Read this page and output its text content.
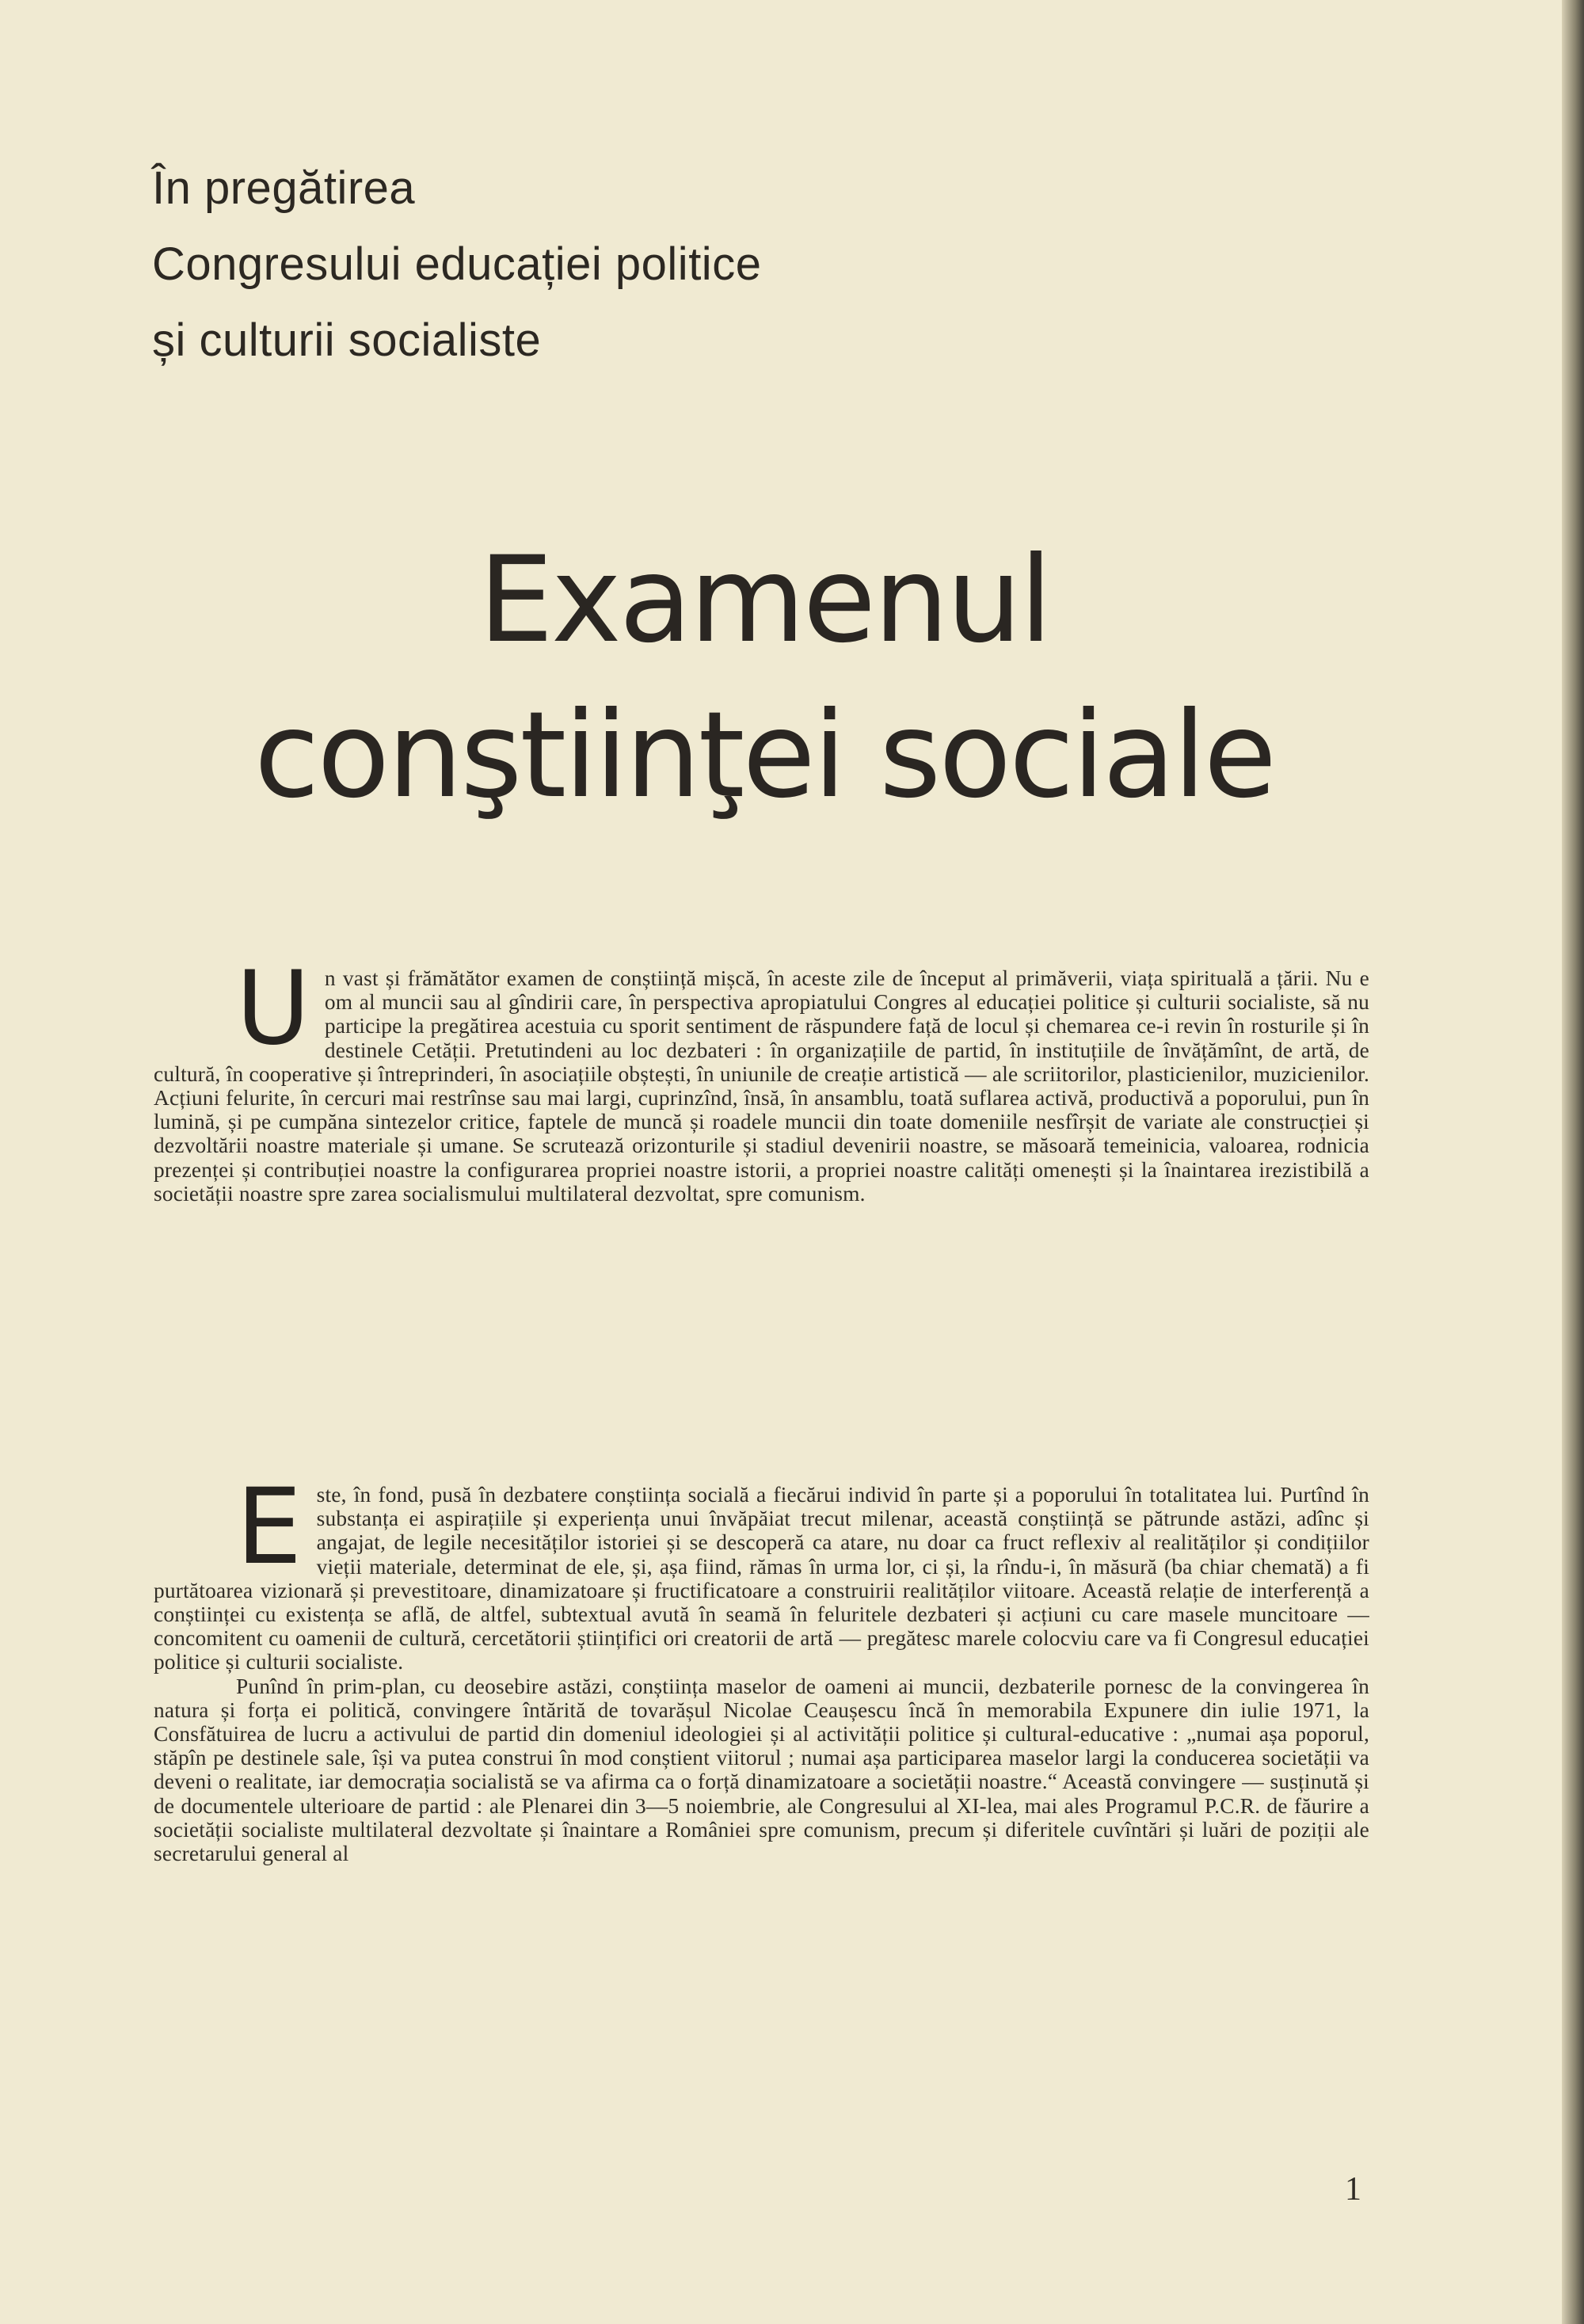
În pregătirea
Congresului educației politice
și culturii socialiste
Examenul
conştiinţei sociale
U n vast și frămătător examen de conștiință mișcă, în aceste zile de început al primăverii, viața spirituală a țării. Nu e om al muncii sau al gîndirii care, în perspectiva apropiatului Congres al educației politice și culturii socialiste, să nu participe la pregătirea acestuia cu sporit sentiment de răspundere față de locul și chemarea ce-i revin în rosturile și în destinele Cetății. Pretutindeni au loc dezbateri : în organizațiile de partid, în instituțiile de învățămînt, de artă, de cultură, în cooperative și întreprinderi, în asociațiile obștești, în uniunile de creație artistică — ale scriitorilor, plasticienilor, muzicienilor. Acțiuni felurite, în cercuri mai restrînse sau mai largi, cuprinzînd, însă, în ansamblu, toată suflarea activă, productivă a poporului, pun în lumină, și pe cumpăna sintezelor critice, faptele de muncă și roadele muncii din toate domeniile nesfîrșit de variate ale construcției și dezvoltării noastre materiale și umane. Se scrutează orizonturile și stadiul devenirii noastre, se măsoară temeinicia, valoarea, rodnicia prezenței și contribuției noastre la configurarea propriei noastre istorii, a propriei noastre calități omenești și la înaintarea irezistibilă a societății noastre spre zarea socialismului multilateral dezvoltat, spre comunism.

E ste, în fond, pusă în dezbatere conștiința socială a fiecărui individ în parte și a poporului în totalitatea lui. Purtînd în substanța ei aspirațiile și experiența unui învăpăiat trecut milenar, această conștiință se pătrunde astăzi, adînc și angajat, de legile necesităților istoriei și se descoperă ca atare, nu doar ca fruct reflexiv al realităților și condițiilor vieții materiale, determinat de ele, și, așa fiind, rămas în urma lor, ci și, la rîndu-i, în măsură (ba chiar chemată) a fi purtătoarea vizionară și prevestitoare, dinamizatoare și fructificatoare a construirii realităților viitoare. Această relație de interferență a conștiinței cu existența se află, de altfel, subtextual avută în seamă în feluritele dezbateri și acțiuni cu care masele muncitoare — concomitent cu oamenii de cultură, cercetătorii științifici ori creatorii de artă — pregătesc marele colocviu care va fi Congresul educației politice și culturii socialiste.

Punînd în prim-plan, cu deosebire astăzi, conștiința maselor de oameni ai muncii, dezbaterile pornesc de la convingerea în natura și forța ei politică, convingere întărită de tovarășul Nicolae Ceaușescu încă în memorabila Expunere din iulie 1971, la Consfătuirea de lucru a activului de partid din domeniul ideologiei și al activității politice și cultural-educative : „numai așa poporul, stăpîn pe destinele sale, își va putea construi în mod conștient viitorul ; numai așa participarea maselor largi la conducerea societății va deveni o realitate, iar democrația socialistă se va afirma ca o forță dinamizatoare a societății noastre.“ Această convingere — susținută și de documentele ulterioare de partid : ale Plenarei din 3—5 noiembrie, ale Congresului al XI-lea, mai ales Programul P.C.R. de făurire a societății socialiste multilateral dezvoltate și înaintare a României spre comunism, precum și diferitele cuvîntări și luări de poziții ale secretarului general al

1
